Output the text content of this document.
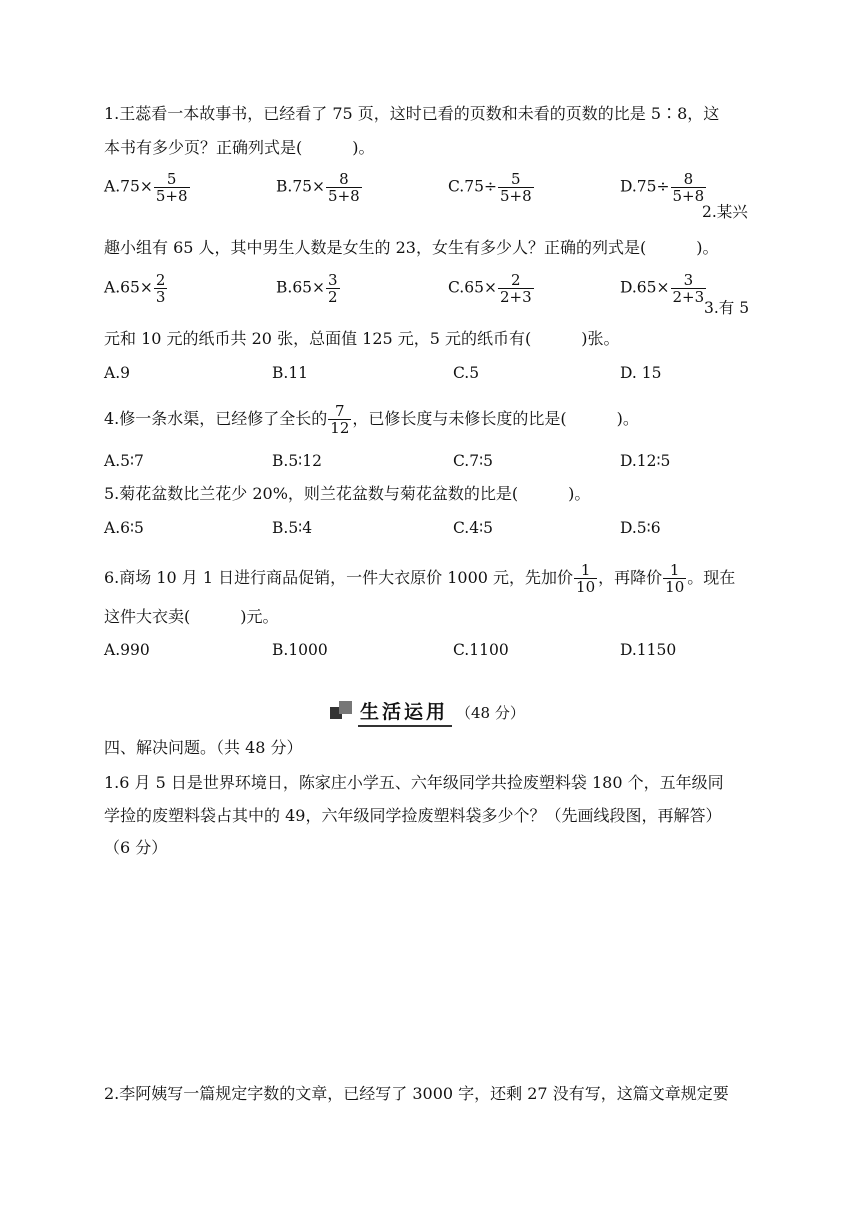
1.王蕊看一本故事书，已经看了 75 页，这时已看的页数和未看的页数的比是 5∶8，这
本书有多少页？正确列式是(	)。
$A.75\times \frac{5}{5+8}$	$B.75\times \frac{8}{5+8}$	$C.75\div \frac{5}{5+8}$	$D.75\div \frac{8}{5+8}$
2.某兴
趣小组有 65 人，其中男生人数是女生的 23，女生有多少人？正确的列式是(	)。
$A.65\times \frac{2}{3}$	$B.65\times \frac{3}{2}$	$C.65\times \frac{2}{2+3}$	$D.65\times \frac{3}{2+3}$
3.有 5
元和 10 元的纸币共 20 张，总面值 125 元，5 元的纸币有(	)张。
A.9	B.11	C.5	D. 15
4.修一条水渠，已经修了全长的 $\frac{7}{12}$ ，已修长度与未修长度的比是(	)。
A.5∶7	B.5∶12	C.7∶5	D.12∶5
5.菊花盆数比兰花少 20%，则兰花盆数与菊花盆数的比是(	)。
A.6∶5	B.5∶4	C.4∶5	D.5∶6
6.商场 10 月 1 日进行商品促销，一件大衣原价 1000 元，先加价 $\frac{1}{10}$ ，再降价 $\frac{1}{10}$ 。现在
这件大衣卖(	)元。
A.990	B.1000	C.1100	D.1150
生活运用 （48 分）
四、解决问题。（共 48 分）
1.6 月 5 日是世界环境日，陈家庄小学五、六年级同学共捡废塑料袋 180 个，五年级同
学捡的废塑料袋占其中的 49，六年级同学捡废塑料袋多少个？（先画线段图，再解答）
（6 分）
2.李阿姨写一篇规定字数的文章，已经写了 3000 字，还剩 27 没有写，这篇文章规定要
